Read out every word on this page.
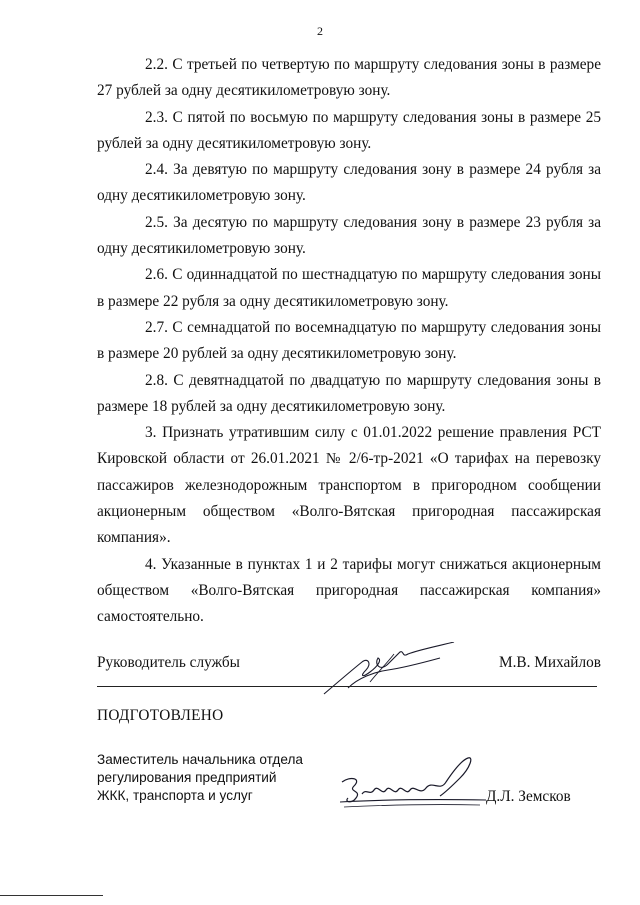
2

2.2. С третьей по четвертую по маршруту следования зоны в размере 27 рублей за одну десятикилометровую зону.

2.3. С пятой по восьмую по маршруту следования зоны в размере 25 рублей за одну десятикилометровую зону.

2.4. За девятую по маршруту следования зону в размере 24 рубля за одну десятикилометровую зону.

2.5. За десятую по маршруту следования зону в размере 23 рубля за одну десятикилометровую зону.

2.6. С одиннадцатой по шестнадцатую по маршруту следования зоны в размере 22 рубля за одну десятикилометровую зону.

2.7. С семнадцатой по восемнадцатую по маршруту следования зоны в размере 20 рублей за одну десятикилометровую зону.

2.8. С девятнадцатой по двадцатую по маршруту следования зоны в размере 18 рублей за одну десятикилометровую зону.

3. Признать утратившим силу с 01.01.2022 решение правления РСТ Кировской области от 26.01.2021 № 2/6-тр-2021 «О тарифах на перевозку пассажиров железнодорожным транспортом в пригородном сообщении акционерным обществом «Волго-Вятская пригородная пассажирская компания».

4. Указанные в пунктах 1 и 2 тарифы могут снижаться акционерным обществом «Волго-Вятская пригородная пассажирская компания» самостоятельно.

Руководитель службы	М.В. Михайлов
ПОДГОТОВЛЕНО
Заместитель начальника отдела
регулирования предприятий
ЖКК, транспорта и услуг	Д.Л. Земсков
